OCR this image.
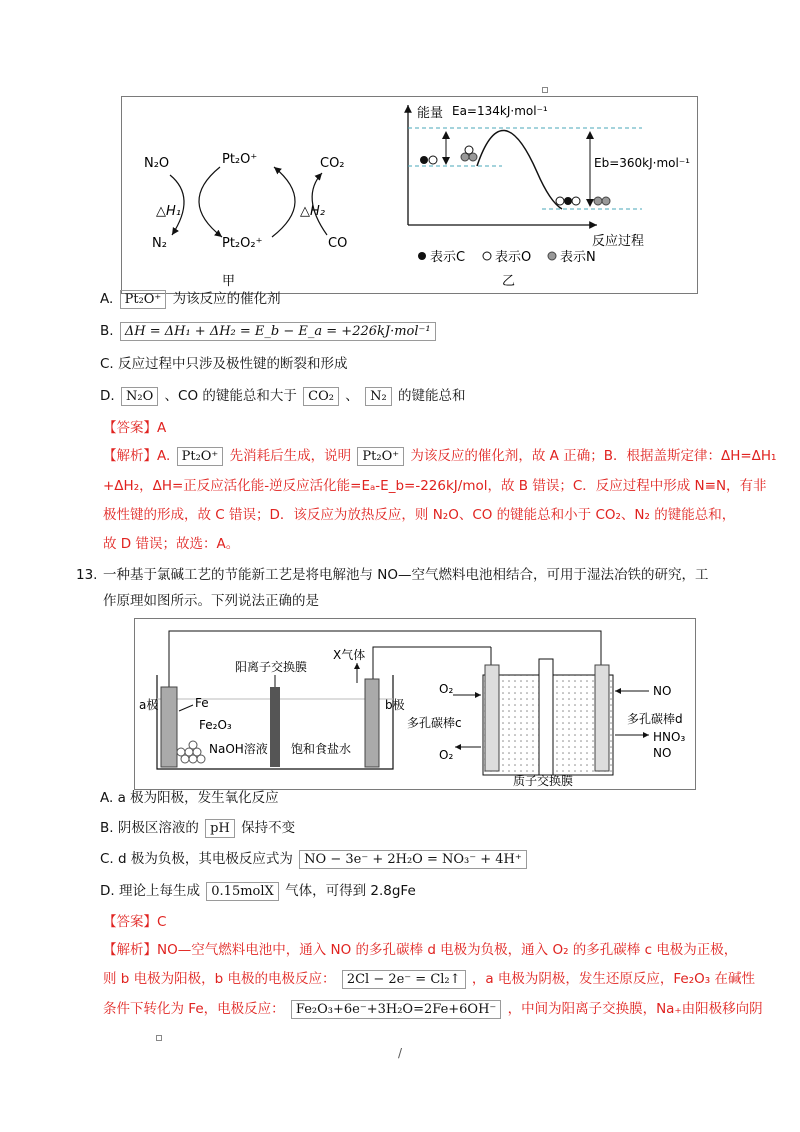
N₂O	Pt₂O⁺	CO₂
△H₁	△H₂
N₂	Pt₂O₂⁺	CO
甲
能量 Ea=134kJ·mol⁻¹
Eb=360kJ·mol⁻¹
反应过程
表示C 表示O 表示N
乙
A. Pt₂O⁺ 为该反应的催化剂
B. ΔH = ΔH₁ + ΔH₂ = E_b − E_a = +226kJ·mol⁻¹
C. 反应过程中只涉及极性键的断裂和形成
D. N₂O 、CO 的键能总和大于 CO₂ 、 N₂ 的键能总和
【答案】A
【解析】A. Pt₂O⁺ 先消耗后生成，说明 Pt₂O⁺ 为该反应的催化剂，故 A 正确；B．根据盖斯定律：ΔH=ΔH₁
+ΔH₂，ΔH=正反应活化能-逆反应活化能=Eₐ-E_b=-226kJ/mol，故 B 错误；C．反应过程中形成 N≡N，有非
极性键的形成，故 C 错误；D．该反应为放热反应，则 N₂O、CO 的键能总和小于 CO₂、N₂ 的键能总和，
故 D 错误；故选：A。
13. 一种基于氯碱工艺的节能新工艺是将电解池与 NO—空气燃料电池相结合，可用于湿法冶铁的研究，工
作原理如图所示。下列说法正确的是
a极	Fe
Fe₂O₃
NaOH溶液 饱和食盐水
阳离子交换膜
X气体
b极
O₂
多孔碳棒c
O₂
NO
多孔碳棒d
HNO₃
NO
质子交换膜
A. a 极为阳极，发生氧化反应
B. 阴极区溶液的 pH 保持不变
C. d 极为负极，其电极反应式为 NO − 3e⁻ + 2H₂O = NO₃⁻ + 4H⁺
D. 理论上每生成 0.15molX 气体，可得到 2.8gFe
【答案】C
【解析】NO—空气燃料电池中，通入 NO 的多孔碳棒 d 电极为负极，通入 O₂ 的多孔碳棒 c 电极为正极，
则 b 电极为阳极，b 电极的电极反应： 2Cl − 2e⁻ = Cl₂↑ ，a 电极为阴极，发生还原反应，Fe₂O₃ 在碱性
条件下转化为 Fe，电极反应： Fe₂O₃+6e⁻+3H₂O=2Fe+6OH⁻ ，中间为阳离子交换膜，Na₊由阳极移向阴
/
